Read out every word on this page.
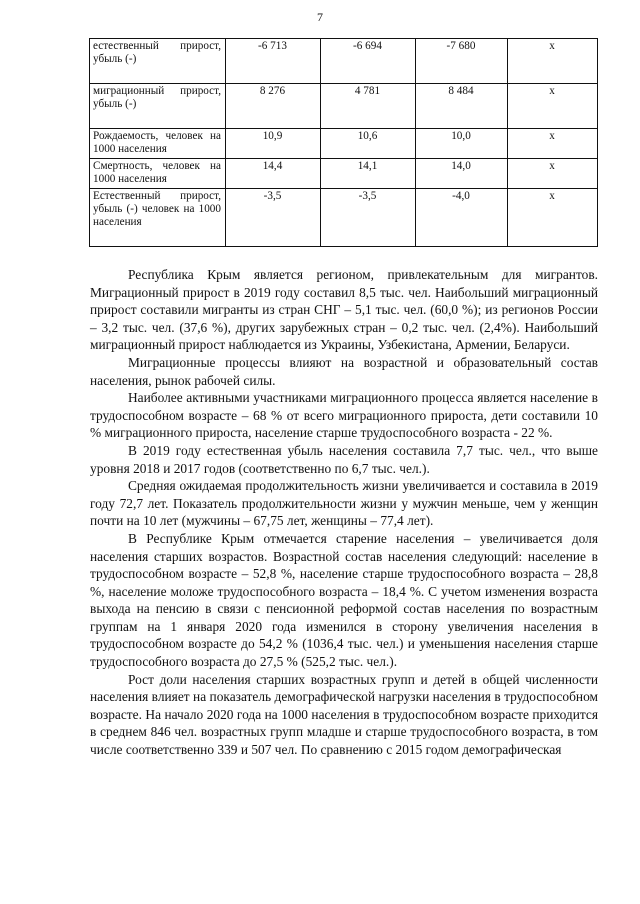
7
естественный прирост, убыль (-)	-6 713	-6 694	-7 680	х
миграционный прирост, убыль (-)	8 276	4 781	8 484	х
Рождаемость, человек на 1000 населения	10,9	10,6	10,0	х
Смертность, человек на 1000 населения	14,4	14,1	14,0	х
Естественный прирост, убыль (-) человек на 1000 населения	-3,5	-3,5	-4,0	х

Республика Крым является регионом, привлекательным для мигрантов. Миграционный прирост в 2019 году составил 8,5 тыс. чел. Наибольший миграционный прирост составили мигранты из стран СНГ – 5,1 тыс. чел. (60,0 %); из регионов России – 3,2 тыс. чел. (37,6 %), других зарубежных стран – 0,2 тыс. чел. (2,4%). Наибольший миграционный прирост наблюдается из Украины, Узбекистана, Армении, Беларуси.

Миграционные процессы влияют на возрастной и образовательный состав населения, рынок рабочей силы.

Наиболее активными участниками миграционного процесса является население в трудоспособном возрасте – 68 % от всего миграционного прироста, дети составили 10 % миграционного прироста, население старше трудоспособного возраста - 22 %.

В 2019 году естественная убыль населения составила 7,7 тыс. чел., что выше уровня 2018 и 2017 годов (соответственно по 6,7 тыс. чел.).

Средняя ожидаемая продолжительность жизни увеличивается и составила в 2019 году 72,7 лет. Показатель продолжительности жизни у мужчин меньше, чем у женщин почти на 10 лет (мужчины – 67,75 лет, женщины – 77,4 лет).

В Республике Крым отмечается старение населения – увеличивается доля населения старших возрастов. Возрастной состав населения следующий: население в трудоспособном возрасте – 52,8 %, население старше трудоспособного возраста – 28,8 %, население моложе трудоспособного возраста – 18,4 %. С учетом изменения возраста выхода на пенсию в связи с пенсионной реформой состав населения по возрастным группам на 1 января 2020 года изменился в сторону увеличения населения в трудоспособном возрасте до 54,2 % (1036,4 тыс. чел.) и уменьшения населения старше трудоспособного возраста до 27,5 % (525,2 тыс. чел.).

Рост доли населения старших возрастных групп и детей в общей численности населения влияет на показатель демографической нагрузки населения в трудоспособном возрасте. На начало 2020 года на 1000 населения в трудоспособном возрасте приходится в среднем 846 чел. возрастных групп младше и старше трудоспособного возраста, в том числе соответственно 339 и 507 чел. По сравнению с 2015 годом демографическая
